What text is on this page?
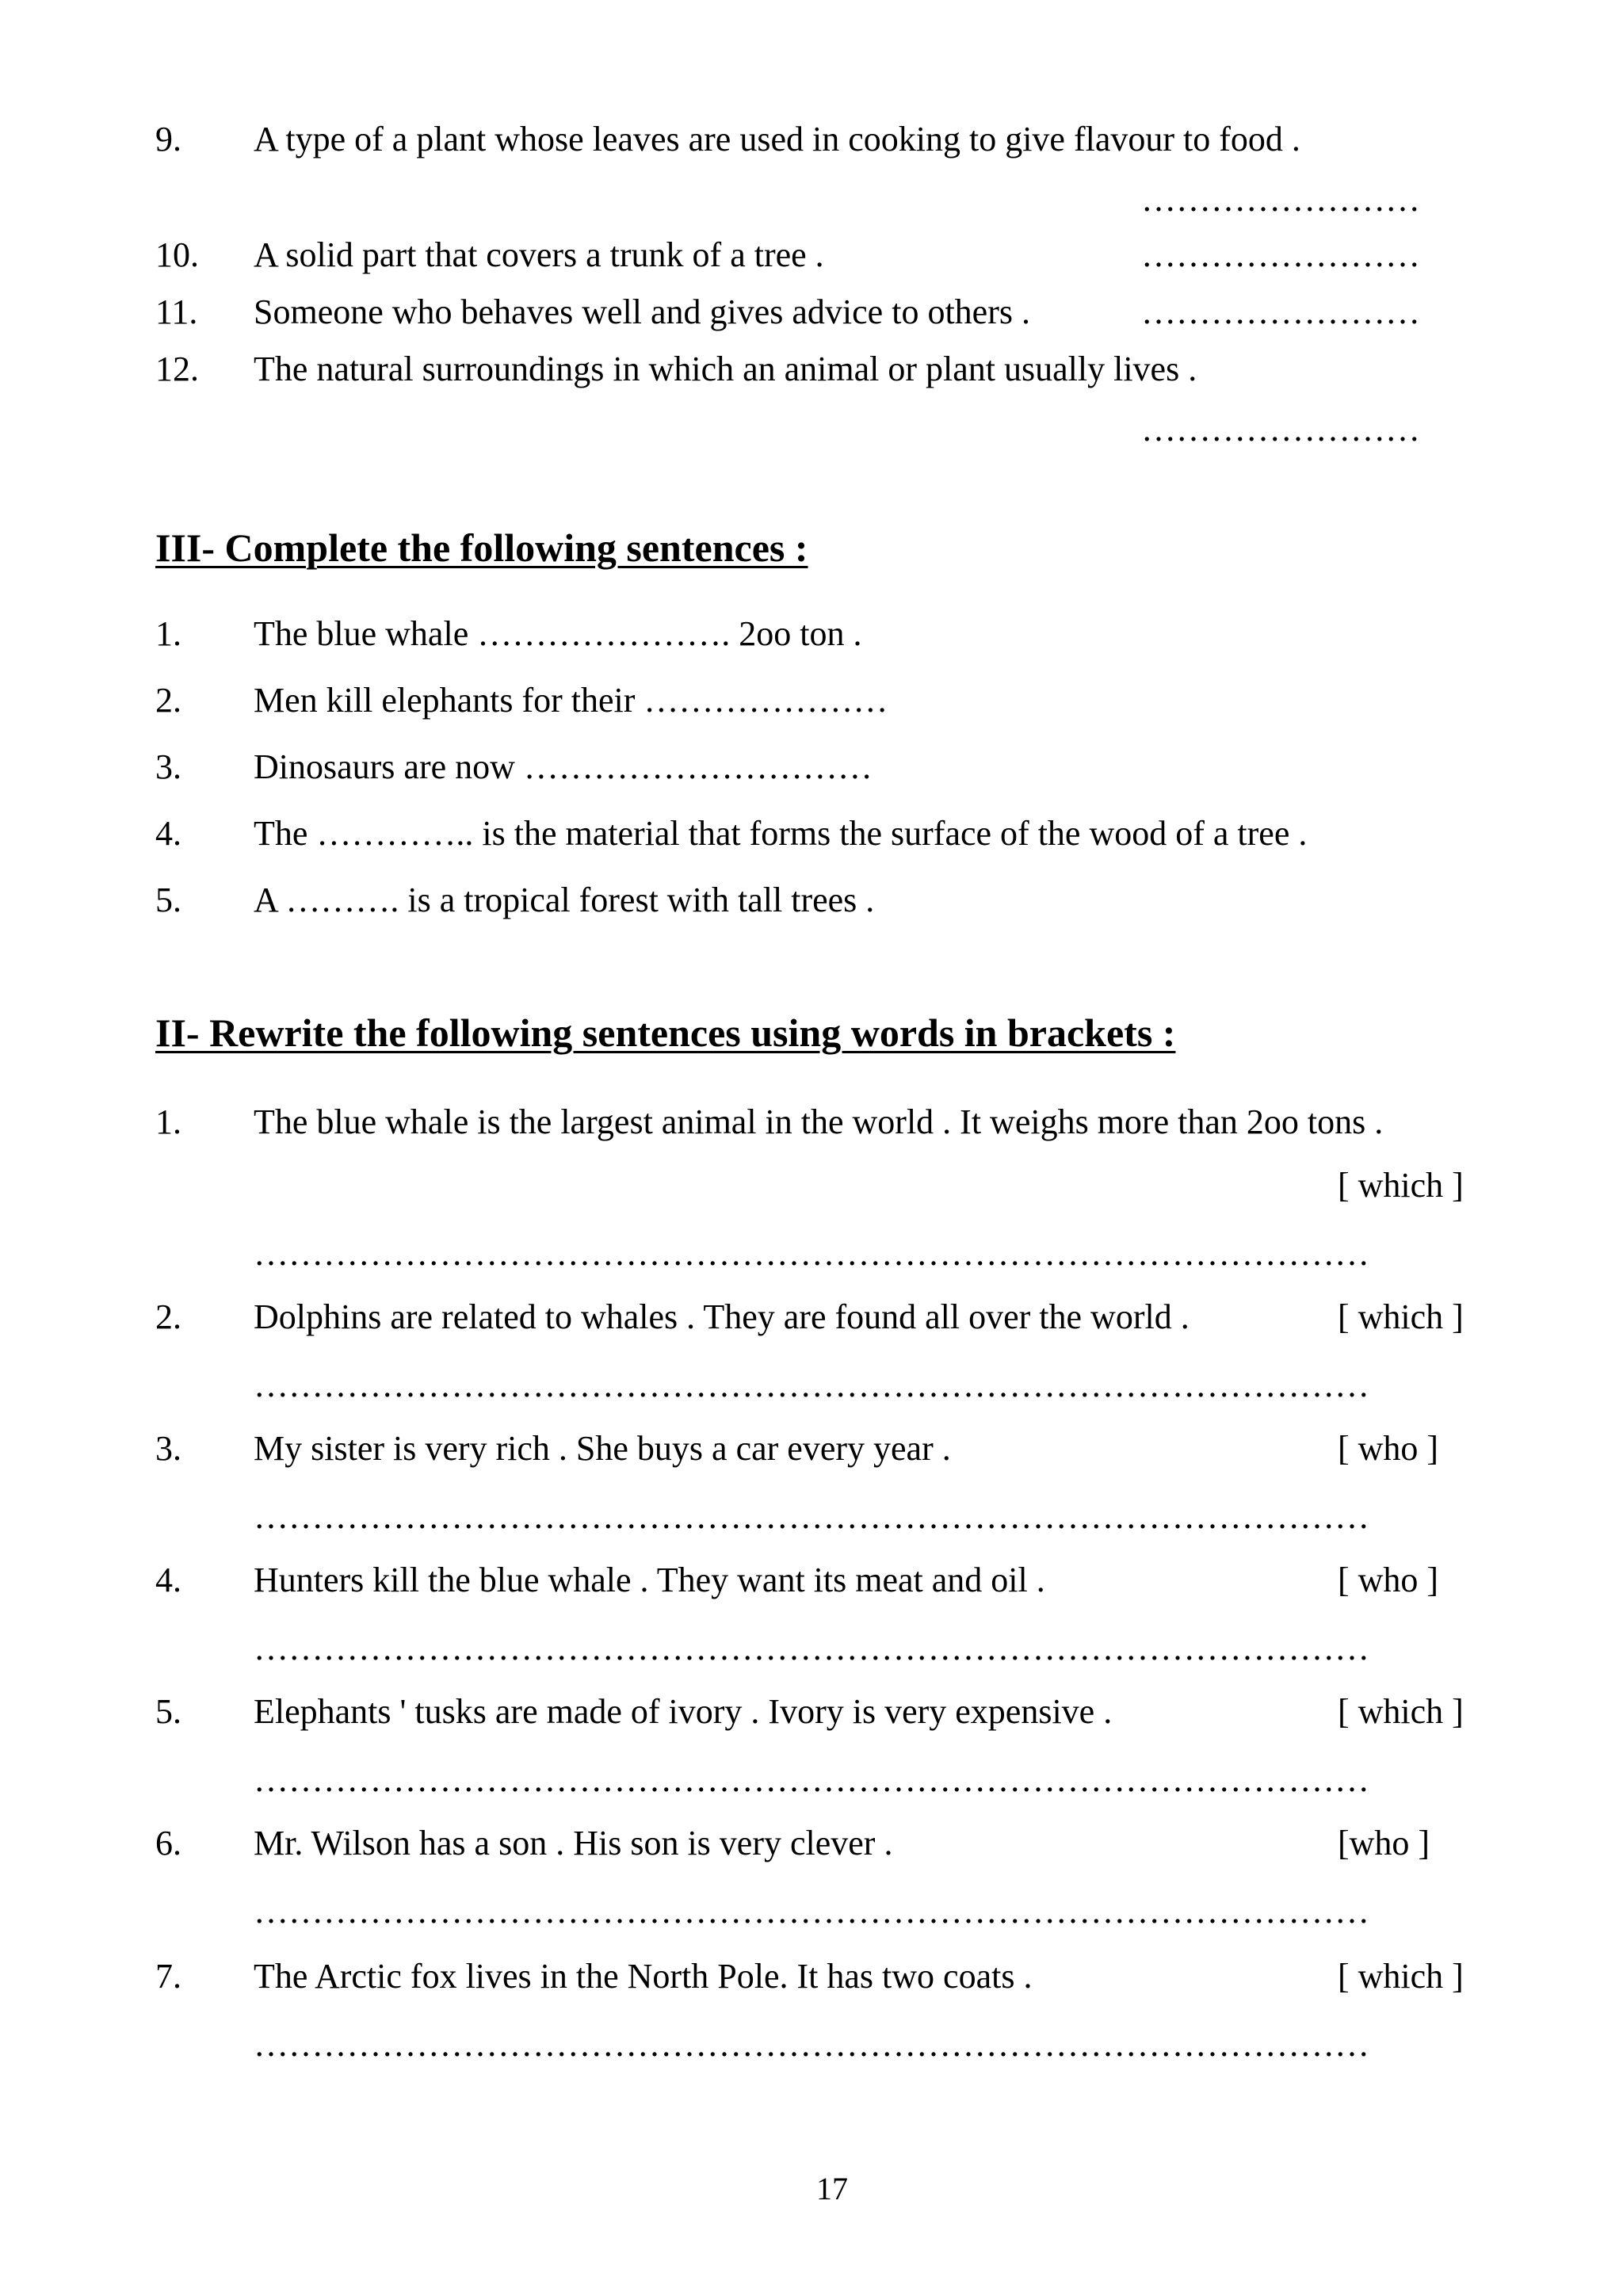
9. A type of a plant whose leaves are used in cooking to give flavour to food .
……………………
10. A solid part that covers a trunk of a tree .	……………………
11. Someone who behaves well and gives advice to others .	……………………
12. The natural surroundings in which an animal or plant usually lives .
……………………
III- Complete the following sentences :
1. The blue whale …………………. 2oo ton .
2. Men kill elephants for their …………………
3. Dinosaurs are now …………………………
4. The ………….. is the material that forms the surface of the wood of a tree .
5. A ………. is a tropical forest with tall trees .
II- Rewrite the following sentences using words in brackets :
1. The blue whale is the largest animal in the world . It weighs more than 2oo tons .
[ which ]
……………………………………………………………………………………
2. Dolphins are related to whales . They are found all over the world .	[ which ]
……………………………………………………………………………………
3. My sister is very rich . She buys a car every year .	[ who ]
……………………………………………………………………………………
4. Hunters kill the blue whale . They want its meat and oil .	[ who ]
……………………………………………………………………………………
5. Elephants ' tusks are made of ivory . Ivory is very expensive .	[ which ]
……………………………………………………………………………………
6. Mr. Wilson has a son . His son is very clever .	[who ]
……………………………………………………………………………………
7. The Arctic fox lives in the North Pole. It has two coats .	[ which ]
……………………………………………………………………………………
17
